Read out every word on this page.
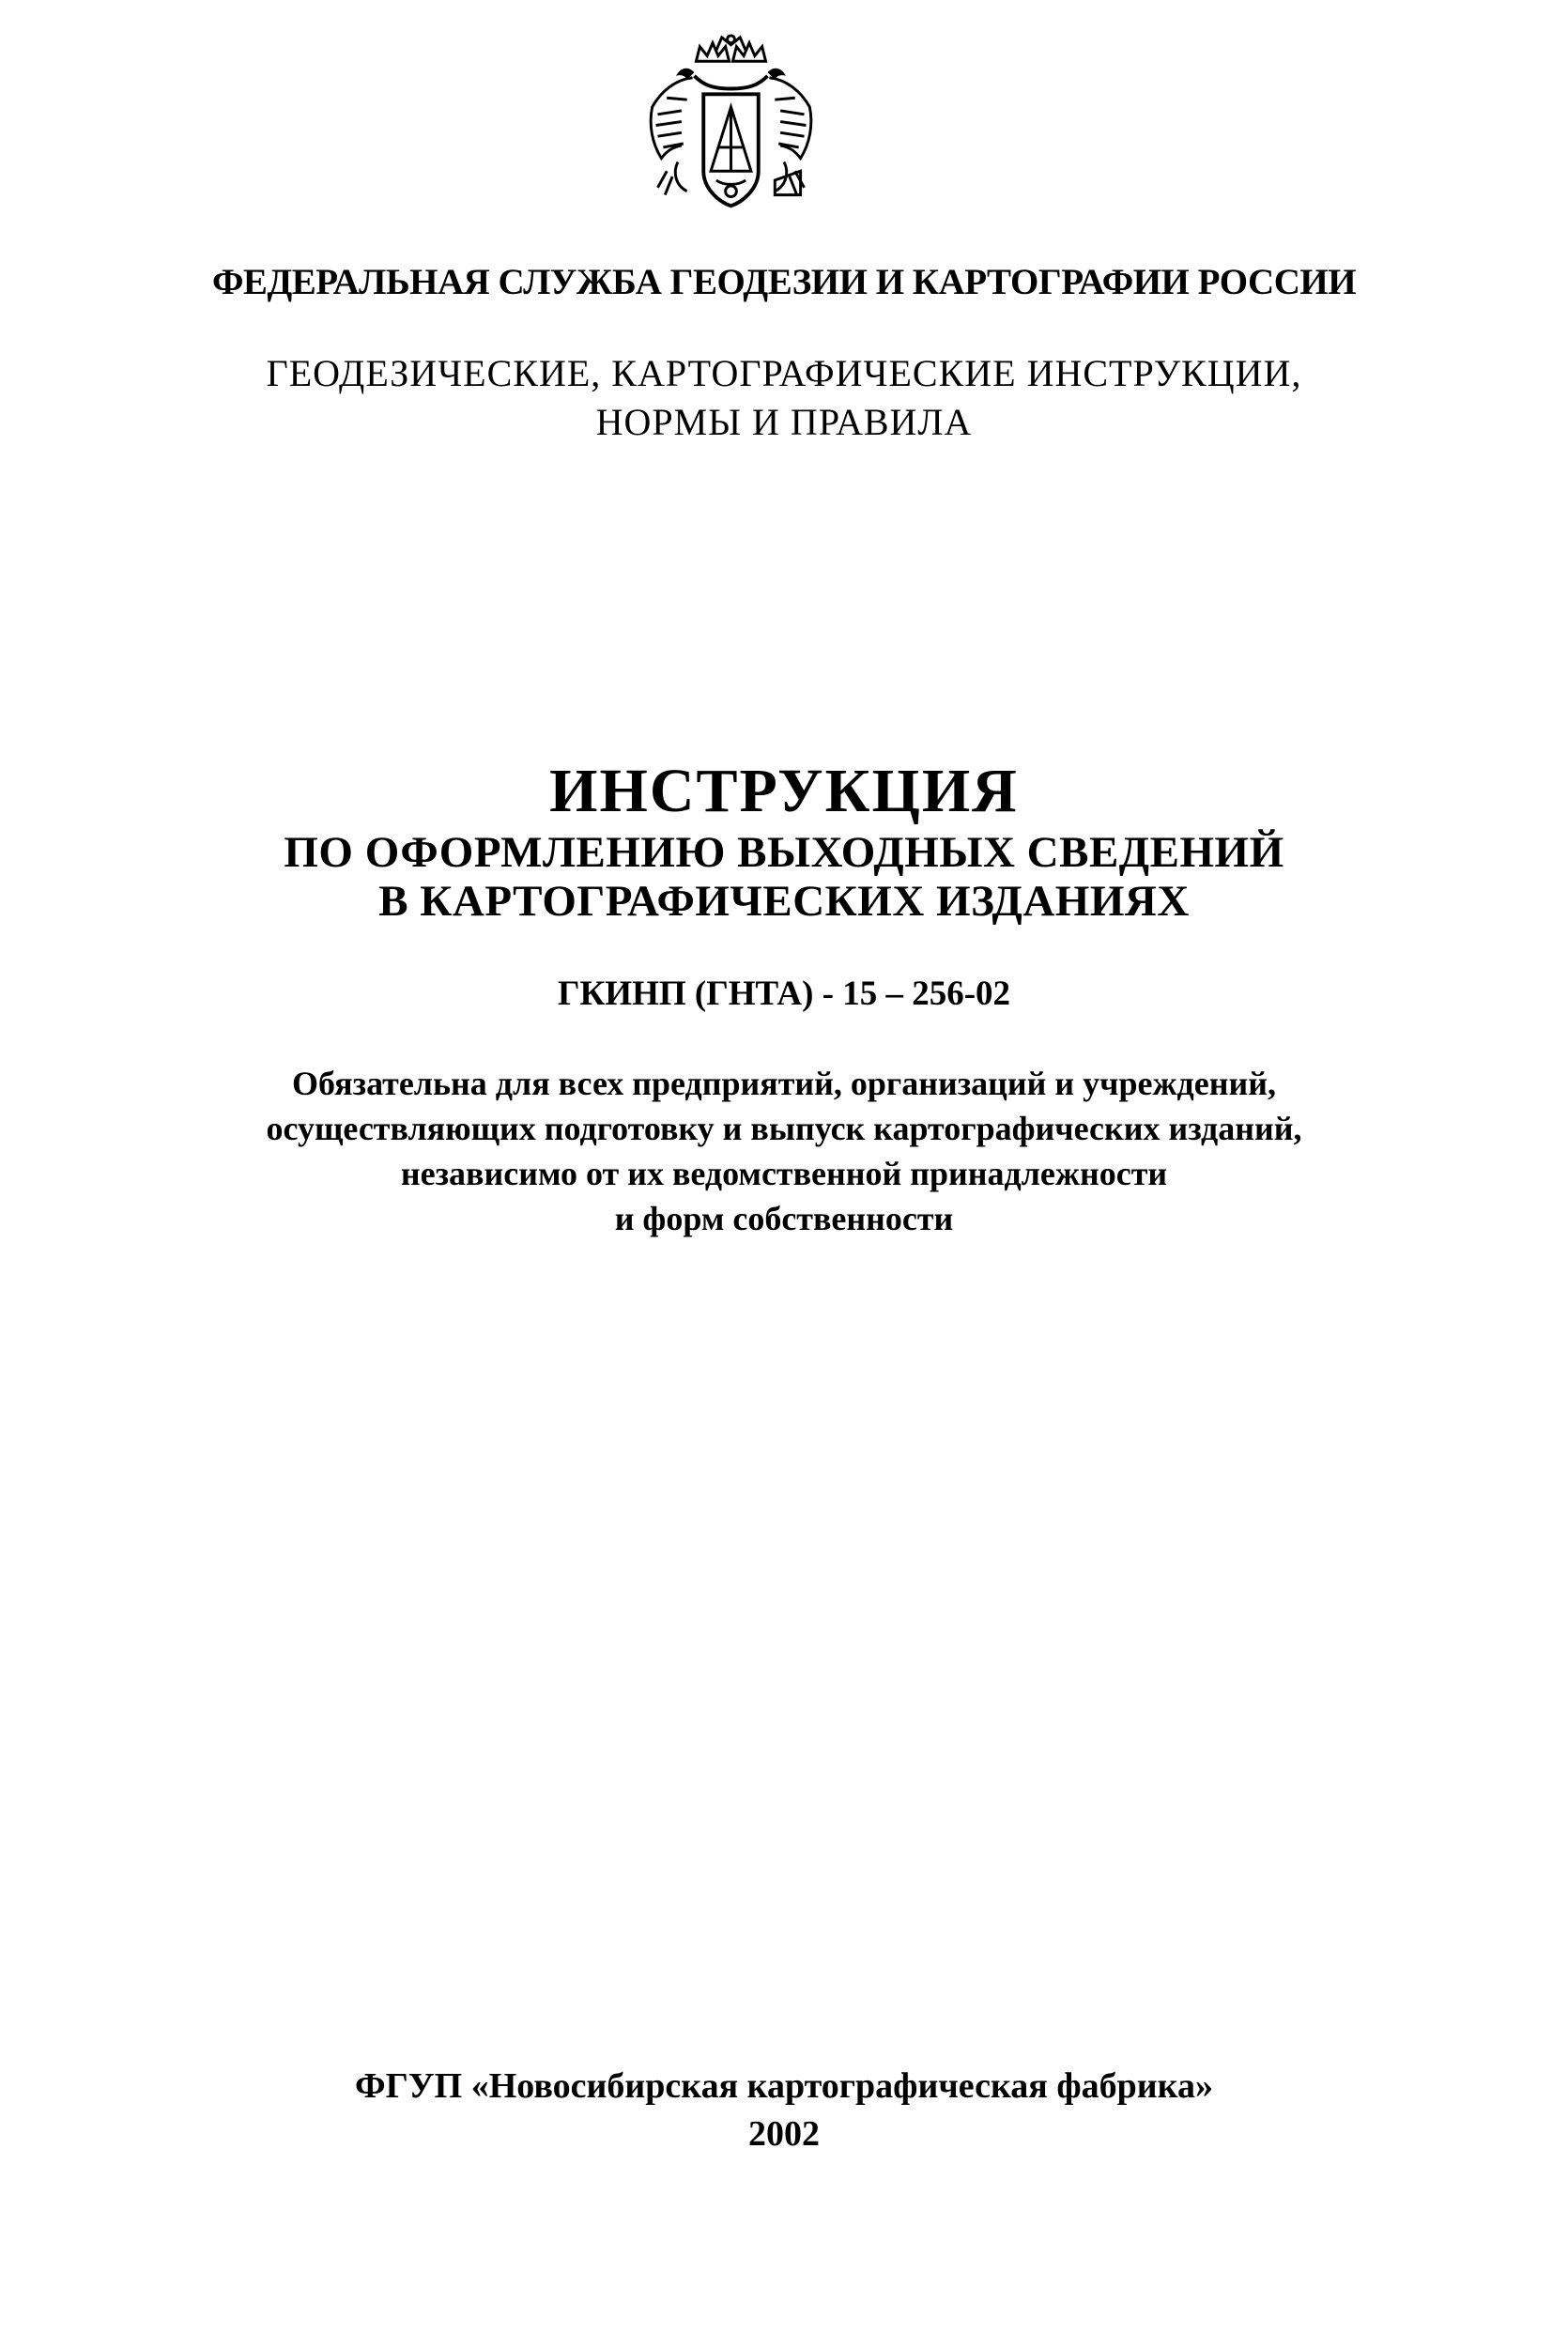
ФЕДЕРАЛЬНАЯ СЛУЖБА ГЕОДЕЗИИ И КАРТОГРАФИИ РОССИИ
ГЕОДЕЗИЧЕСКИЕ, КАРТОГРАФИЧЕСКИЕ ИНСТРУКЦИИ,
НОРМЫ И ПРАВИЛА
ИНСТРУКЦИЯ
ПО ОФОРМЛЕНИЮ ВЫХОДНЫХ СВЕДЕНИЙ
В КАРТОГРАФИЧЕСКИХ ИЗДАНИЯХ
ГКИНП (ГНТА) - 15 – 256-02
Обязательна для всех предприятий, организаций и учреждений,
осуществляющих подготовку и выпуск картографических изданий,
независимо от их ведомственной принадлежности
и форм собственности
ФГУП «Новосибирская картографическая фабрика»
2002
